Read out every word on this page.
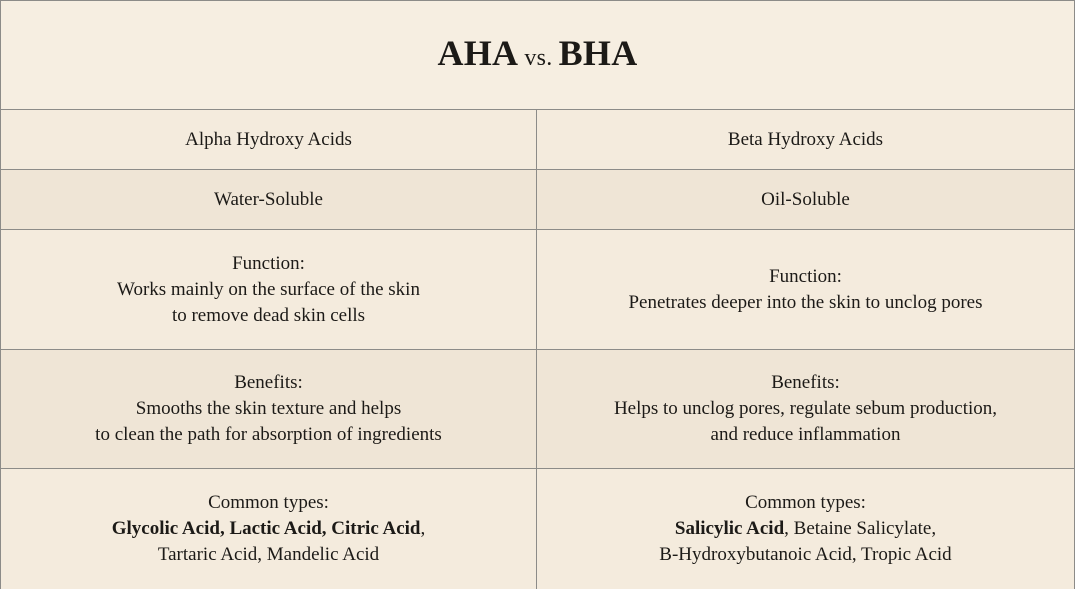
AHA vs. BHA
Alpha Hydroxy Acids	Beta Hydroxy Acids
Water-Soluble	Oil-Soluble
Function:
Works mainly on the surface of the skin
to remove dead skin cells
Function:
Penetrates deeper into the skin to unclog pores
Benefits:
Smooths the skin texture and helps
to clean the path for absorption of ingredients
Benefits:
Helps to unclog pores, regulate sebum production,
and reduce inflammation
Common types:
Glycolic Acid, Lactic Acid, Citric Acid,
Tartaric Acid, Mandelic Acid
Common types:
Salicylic Acid, Betaine Salicylate,
B-Hydroxybutanoic Acid, Tropic Acid
